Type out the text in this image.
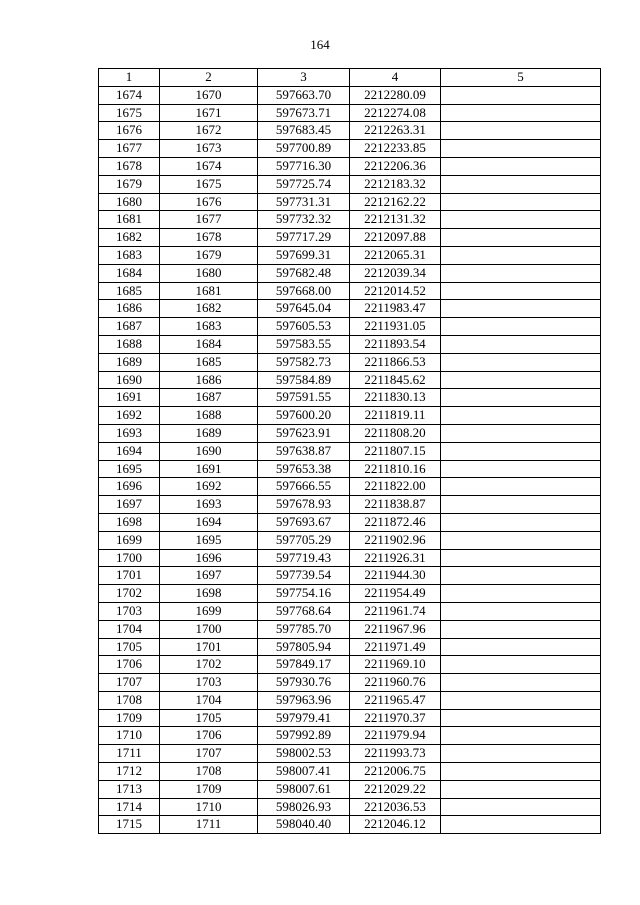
164
1	2	3	4	5
1674	1670	597663.70	2212280.09	
1675	1671	597673.71	2212274.08	
1676	1672	597683.45	2212263.31	
1677	1673	597700.89	2212233.85	
1678	1674	597716.30	2212206.36	
1679	1675	597725.74	2212183.32	
1680	1676	597731.31	2212162.22	
1681	1677	597732.32	2212131.32	
1682	1678	597717.29	2212097.88	
1683	1679	597699.31	2212065.31	
1684	1680	597682.48	2212039.34	
1685	1681	597668.00	2212014.52	
1686	1682	597645.04	2211983.47	
1687	1683	597605.53	2211931.05	
1688	1684	597583.55	2211893.54	
1689	1685	597582.73	2211866.53	
1690	1686	597584.89	2211845.62	
1691	1687	597591.55	2211830.13	
1692	1688	597600.20	2211819.11	
1693	1689	597623.91	2211808.20	
1694	1690	597638.87	2211807.15	
1695	1691	597653.38	2211810.16	
1696	1692	597666.55	2211822.00	
1697	1693	597678.93	2211838.87	
1698	1694	597693.67	2211872.46	
1699	1695	597705.29	2211902.96	
1700	1696	597719.43	2211926.31	
1701	1697	597739.54	2211944.30	
1702	1698	597754.16	2211954.49	
1703	1699	597768.64	2211961.74	
1704	1700	597785.70	2211967.96	
1705	1701	597805.94	2211971.49	
1706	1702	597849.17	2211969.10	
1707	1703	597930.76	2211960.76	
1708	1704	597963.96	2211965.47	
1709	1705	597979.41	2211970.37	
1710	1706	597992.89	2211979.94	
1711	1707	598002.53	2211993.73	
1712	1708	598007.41	2212006.75	
1713	1709	598007.61	2212029.22	
1714	1710	598026.93	2212036.53	
1715	1711	598040.40	2212046.12	
